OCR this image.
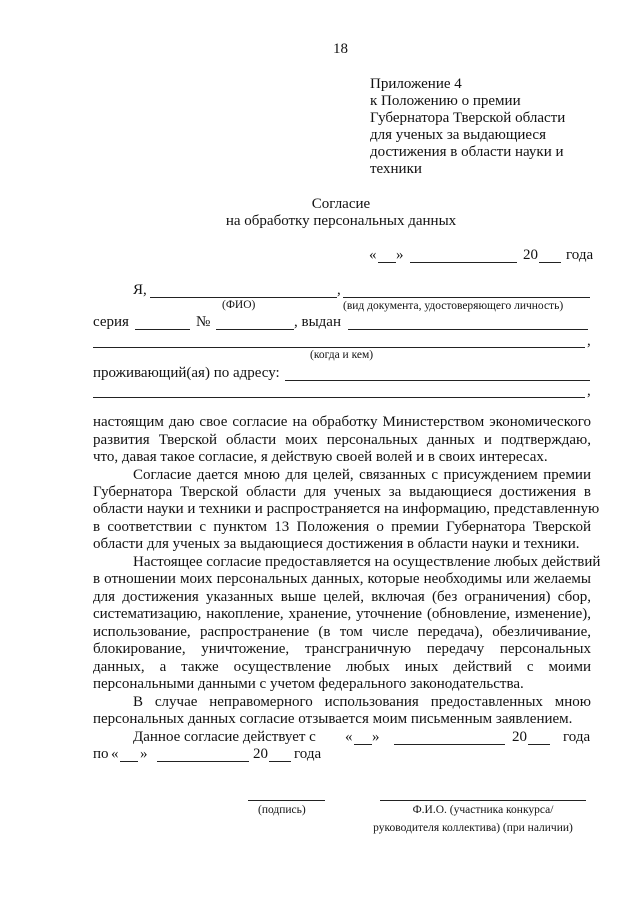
18
Приложение 4
к Положению о премии
Губернатора Тверской области
для ученых за выдающиеся
достижения в области науки и
техники
Согласие
на обработку персональных данных
« »	20 года
Я,	,
(ФИО)	(вид документа, удостоверяющего личность)
серия	№	, выдан
,
(когда и кем)
проживающий(ая) по адресу:
,
настоящим даю свое согласие на обработку Министерством экономического
развития Тверской области моих персональных данных и подтверждаю,
что, давая такое согласие, я действую своей волей и в своих интересах.
Согласие дается мною для целей, связанных с присуждением премии
Губернатора Тверской области для ученых за выдающиеся достижения в
области науки и техники и распространяется на информацию, представленную
в соответствии с пунктом 13 Положения о премии Губернатора Тверской
области для ученых за выдающиеся достижения в области науки и техники.
Настоящее согласие предоставляется на осуществление любых действий
в отношении моих персональных данных, которые необходимы или желаемы
для достижения указанных выше целей, включая (без ограничения) сбор,
систематизацию, накопление, хранение, уточнение (обновление, изменение),
использование, распространение (в том числе передача), обезличивание,
блокирование, уничтожение, трансграничную передачу персональных
данных, а также осуществление любых иных действий с моими
персональными данными с учетом федерального законодательства.
В случае неправомерного использования предоставленных мною
персональных данных согласие отзывается моим письменным заявлением.
Данное согласие действует с « »	20 года
по « »	20 года
(подпись)	Ф.И.О. (участника конкурса/
руководителя коллектива) (при наличии)
